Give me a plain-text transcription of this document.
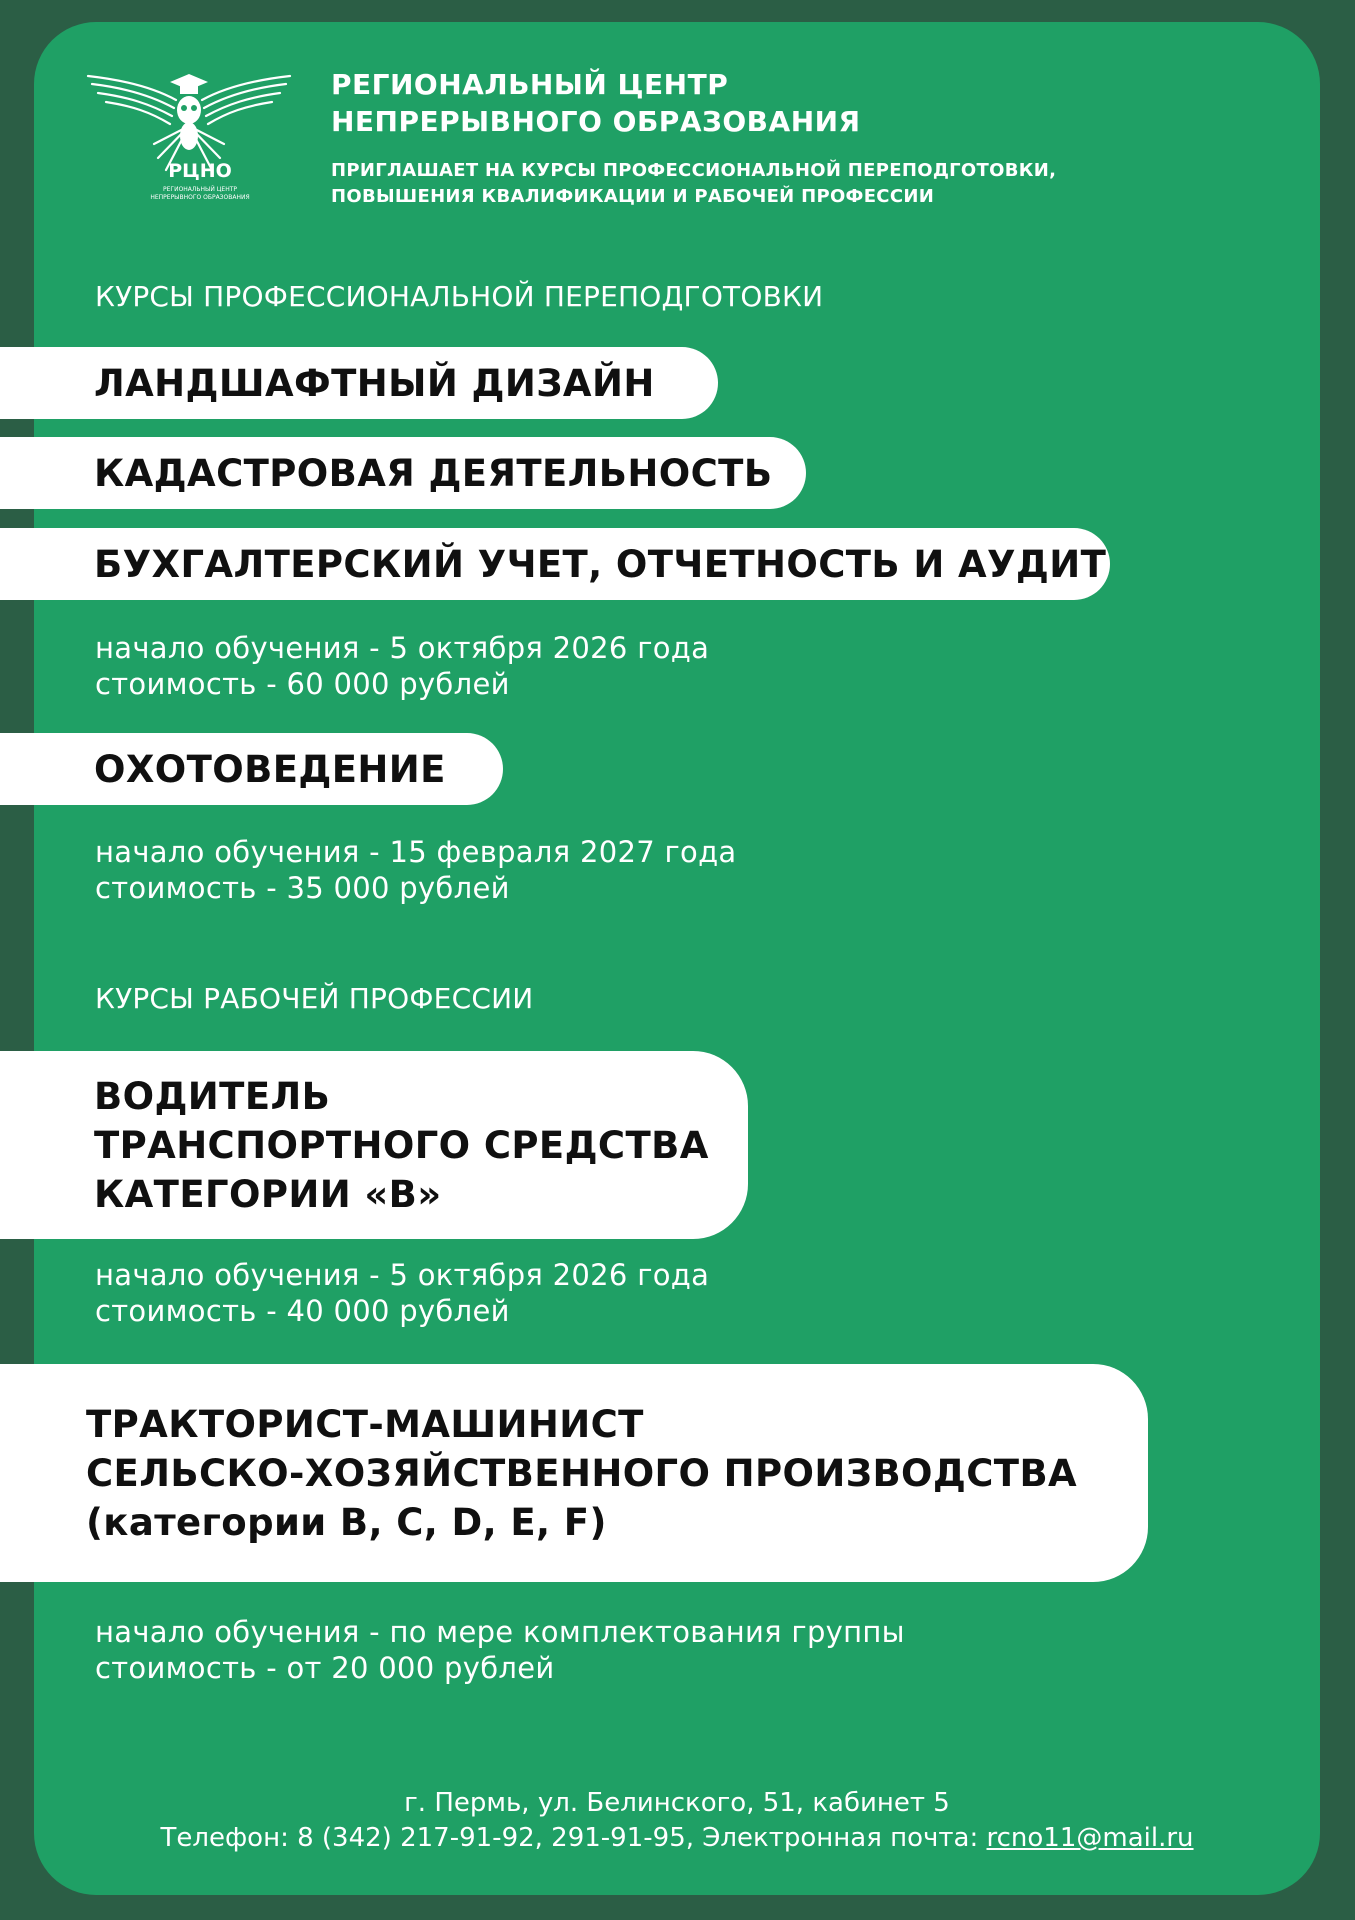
РЦНО
РЕГИОНАЛЬНЫЙ ЦЕНТР
НЕПРЕРЫВНОГО ОБРАЗОВАНИЯ
РЕГИОНАЛЬНЫЙ ЦЕНТР
НЕПРЕРЫВНОГО ОБРАЗОВАНИЯ
ПРИГЛАШАЕТ НА КУРСЫ ПРОФЕССИОНАЛЬНОЙ ПЕРЕПОДГОТОВКИ,
ПОВЫШЕНИЯ КВАЛИФИКАЦИИ И РАБОЧЕЙ ПРОФЕССИИ
КУРСЫ ПРОФЕССИОНАЛЬНОЙ ПЕРЕПОДГОТОВКИ
ЛАНДШАФТНЫЙ ДИЗАЙН
КАДАСТРОВАЯ ДЕЯТЕЛЬНОСТЬ
БУХГАЛТЕРСКИЙ УЧЕТ, ОТЧЕТНОСТЬ И АУДИТ
начало обучения - 5 октября 2026 года
стоимость - 60 000 рублей
ОХОТОВЕДЕНИЕ
начало обучения - 15 февраля 2027 года
стоимость - 35 000 рублей
КУРСЫ РАБОЧЕЙ ПРОФЕССИИ
ВОДИТЕЛЬ
ТРАНСПОРТНОГО СРЕДСТВА
КАТЕГОРИИ «В»
начало обучения - 5 октября 2026 года
стоимость - 40 000 рублей
ТРАКТОРИСТ-МАШИНИСТ
СЕЛЬСКО-ХОЗЯЙСТВЕННОГО ПРОИЗВОДСТВА
(категории В, С, D, E, F)
начало обучения - по мере комплектования группы
стоимость - от 20 000 рублей
г. Пермь, ул. Белинского, 51, кабинет 5
Телефон: 8 (342) 217-91-92, 291-91-95, Электронная почта: rcno11@mail.ru
